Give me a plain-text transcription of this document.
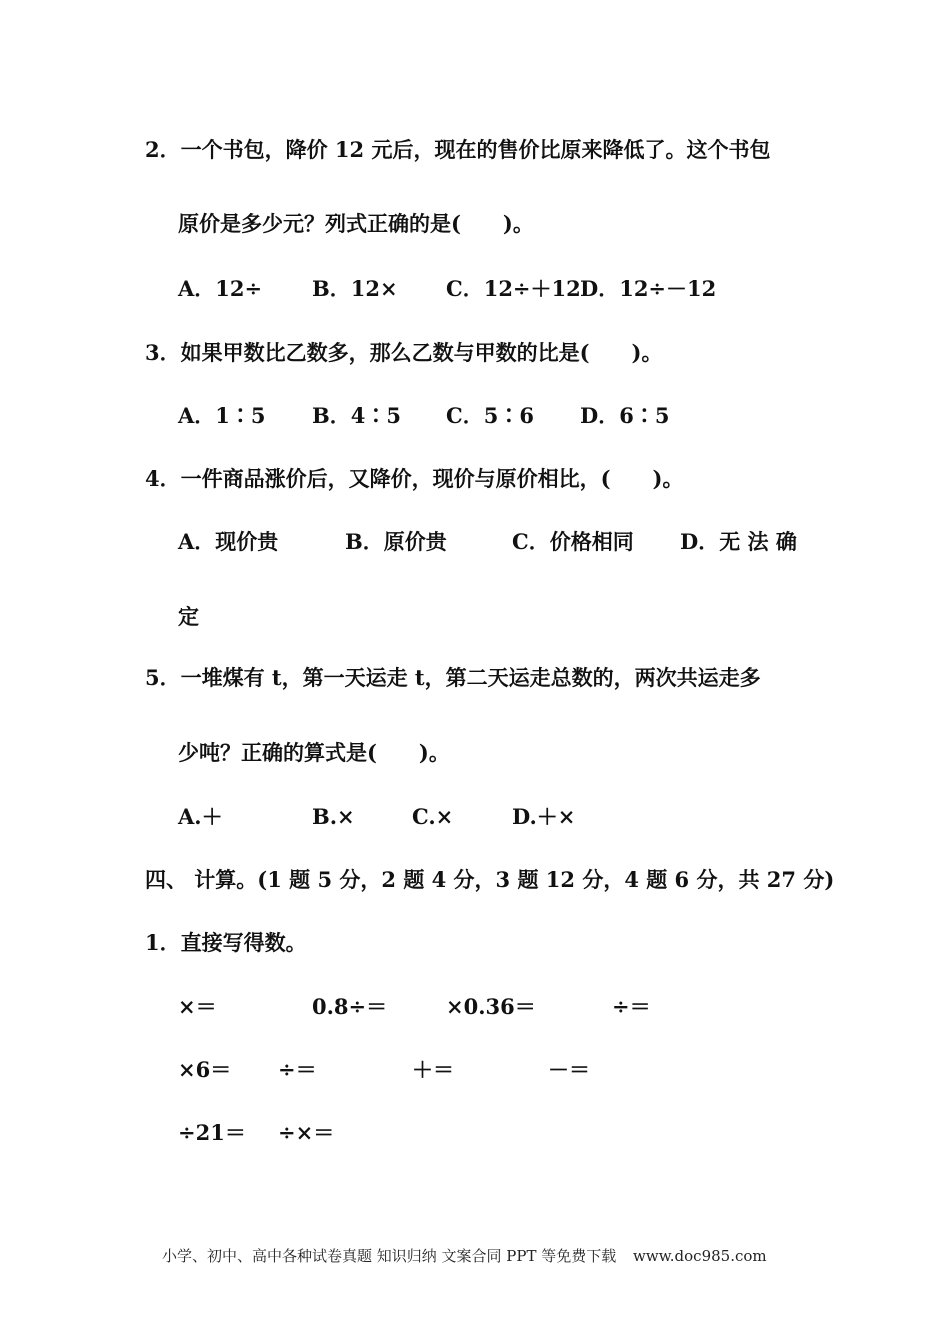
2．一个书包，降价 12 元后，现在的售价比原来降低了。这个书包
原价是多少元？列式正确的是(　　)。
A．12÷ B．12× C．12÷＋12 D．12÷－12
3．如果甲数比乙数多，那么乙数与甲数的比是(　　)。
A．1∶5 B．4∶5 C．5∶6 D．6∶5
4．一件商品涨价后，又降价，现价与原价相比，(　　)。
A．现价贵	B．原价贵	C．价格相同 D．无 法 确
定
5．一堆煤有 t，第一天运走 t，第二天运走总数的，两次共运走多
少吨？正确的算式是(　　)。
A.＋	B.×	C.×	D.＋×
四、 计算。(1 题 5 分，2 题 4 分，3 题 12 分，4 题 6 分，共 27 分)
1．直接写得数。
×＝	0.8÷＝	×0.36＝	÷＝
×6＝ ÷＝	＋＝	－＝
÷21＝ ÷×＝
小学、初中、高中各种试卷真题 知识归纳 文案合同 PPT 等免费下载 www.doc985.com
